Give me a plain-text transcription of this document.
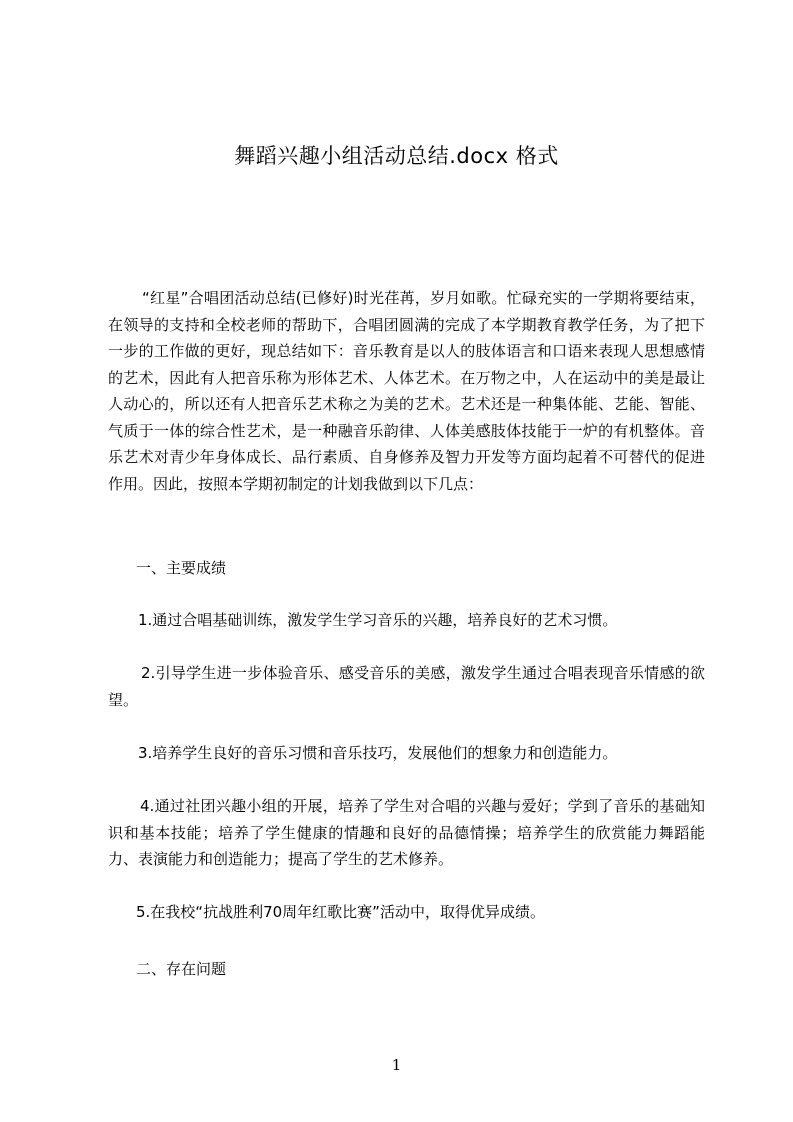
舞蹈兴趣小组活动总结.docx 格式
“红星”合唱团活动总结(已修好)时光荏苒，岁月如歌。忙碌充实的一学期将要结束，在领导的支持和全校老师的帮助下，合唱团圆满的完成了本学期教育教学任务，为了把下一步的工作做的更好，现总结如下：音乐教育是以人的肢体语言和口语来表现人思想感情的艺术，因此有人把音乐称为形体艺术、人体艺术。在万物之中，人在运动中的美是最让人动心的，所以还有人把音乐艺术称之为美的艺术。艺术还是一种集体能、艺能、智能、气质于一体的综合性艺术，是一种融音乐韵律、人体美感肢体技能于一炉的有机整体。音乐艺术对青少年身体成长、品行素质、自身修养及智力开发等方面均起着不可替代的促进作用。因此，按照本学期初制定的计划我做到以下几点：
一、主要成绩
1.通过合唱基础训练，激发学生学习音乐的兴趣，培养良好的艺术习惯。
2.引导学生进一步体验音乐、感受音乐的美感，激发学生通过合唱表现音乐情感的欲望。
3.培养学生良好的音乐习惯和音乐技巧，发展他们的想象力和创造能力。
4.通过社团兴趣小组的开展，培养了学生对合唱的兴趣与爱好；学到了音乐的基础知识和基本技能；培养了学生健康的情趣和良好的品德情操；培养学生的欣赏能力舞蹈能力、表演能力和创造能力；提高了学生的艺术修养。
5.在我校“抗战胜利70周年红歌比赛”活动中，取得优异成绩。
二、存在问题
1
